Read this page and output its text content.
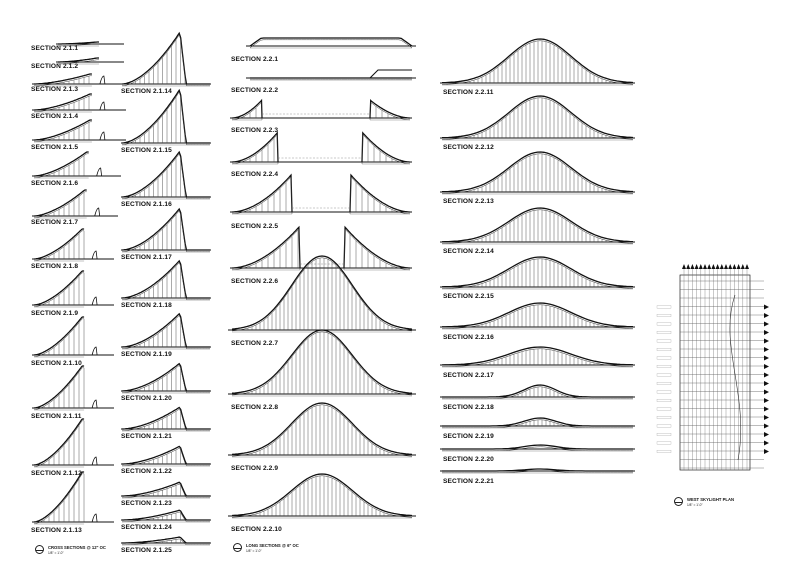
SECTION 2.1.1
SECTION 2.1.2
SECTION 2.1.3
SECTION 2.1.4
SECTION 2.1.5
SECTION 2.1.6
SECTION 2.1.7
SECTION 2.1.8
SECTION 2.1.9
SECTION 2.1.10
SECTION 2.1.11
SECTION 2.1.12
SECTION 2.1.13
SECTION 2.1.14
SECTION 2.1.15
SECTION 2.1.16
SECTION 2.1.17
SECTION 2.1.18
SECTION 2.1.19
SECTION 2.1.20
SECTION 2.1.21
SECTION 2.1.22
SECTION 2.1.23
SECTION 2.1.24
SECTION 2.1.25
SECTION 2.2.1
SECTION 2.2.2
SECTION 2.2.3
SECTION 2.2.4
SECTION 2.2.5
SECTION 2.2.6
SECTION 2.2.7
SECTION 2.2.8
SECTION 2.2.9
SECTION 2.2.10
SECTION 2.2.11
SECTION 2.2.12
SECTION 2.2.13
SECTION 2.2.14
SECTION 2.2.15
SECTION 2.2.16
SECTION 2.2.17
SECTION 2.2.18
SECTION 2.2.19
SECTION 2.2.20
SECTION 2.2.21
CROSS SECTIONS @ 12" OC
1/8" = 1'-0"
LONG SECTIONS @ 6" OC
1/8" = 1'-0"
WEST SKYLIGHT PLAN
1/8" = 1'-0"
